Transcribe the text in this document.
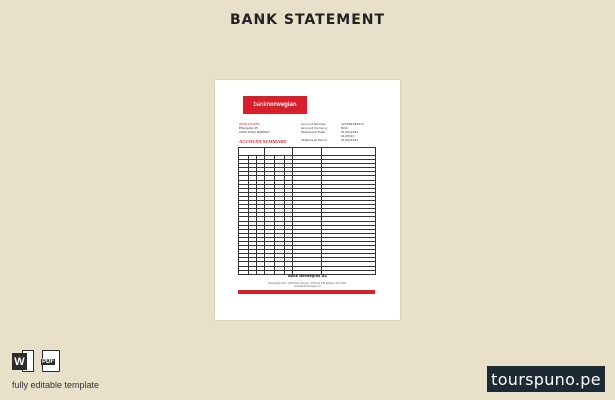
BANK STATEMENT
bank norwegian
JOHN CITIZEN
Ettergata 45
0000 OSLO NORWAY
Account Number	123456789012
Account Currency	NOK
Statement Date	01/02/2021-01/03/21
Statement Period	01/02/2021
ACCOUNT SUMMARY

Bank Norwegian AS
Karenslyst Allé 2, 0278 Oslo, Norway | Post box 218 Skøyen, 0213 Oslo
www.banknorwegian.no
W	PDF
fully editable template	tourspuno.pe
